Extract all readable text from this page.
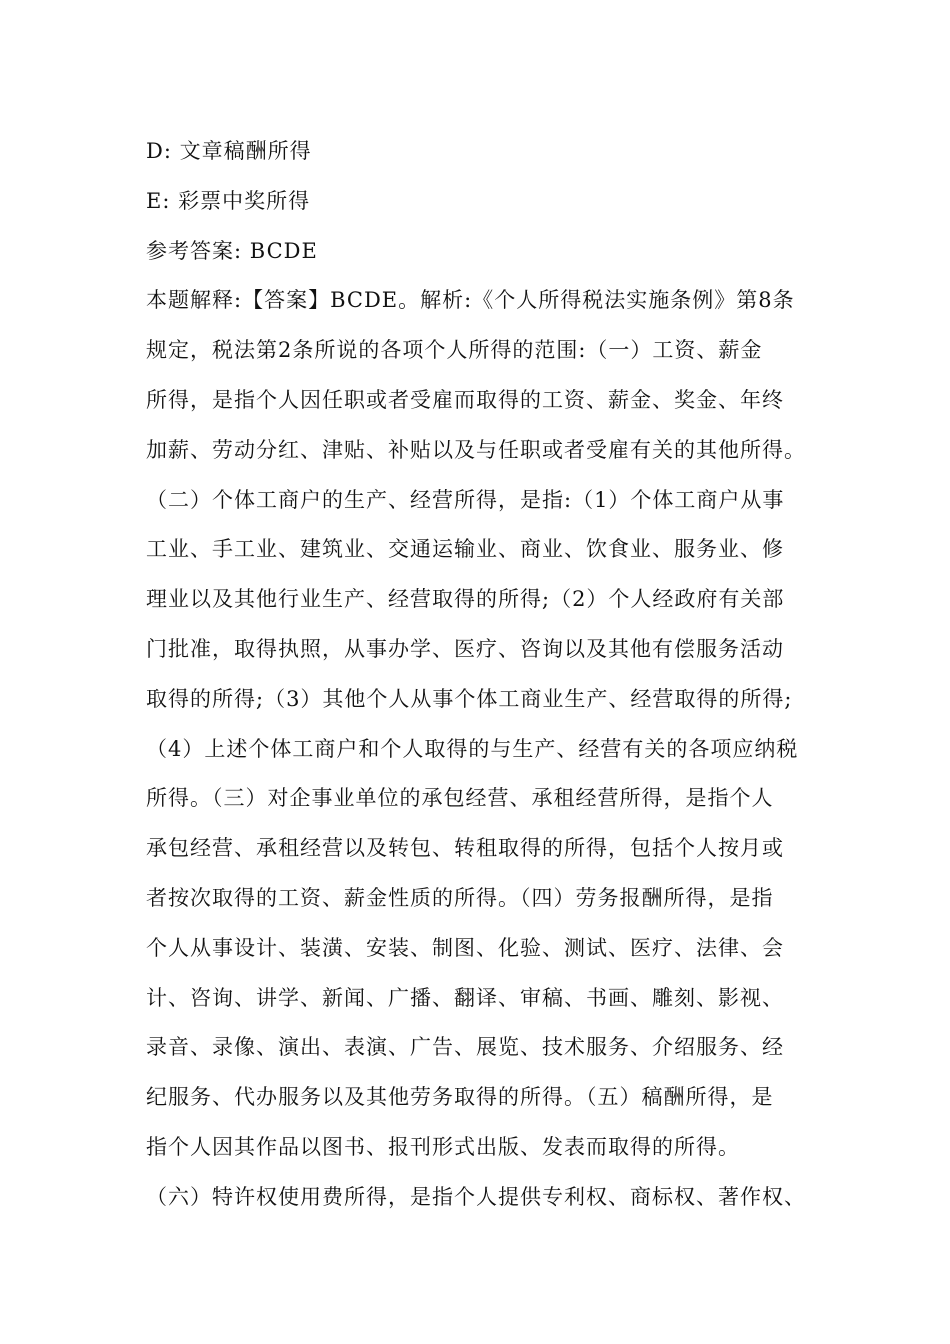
D: 文章稿酬所得
E: 彩票中奖所得
参考答案: BCDE
本题解释:【答案】BCDE。解析:《个人所得税法实施条例》第8条
规定，税法第2条所说的各项个人所得的范围:（一）工资、薪金
所得，是指个人因任职或者受雇而取得的工资、薪金、奖金、年终
加薪、劳动分红、津贴、补贴以及与任职或者受雇有关的其他所得。
（二）个体工商户的生产、经营所得，是指:（1）个体工商户从事
工业、手工业、建筑业、交通运输业、商业、饮食业、服务业、修
理业以及其他行业生产、经营取得的所得;（2）个人经政府有关部
门批准，取得执照，从事办学、医疗、咨询以及其他有偿服务活动
取得的所得;（3）其他个人从事个体工商业生产、经营取得的所得;
（4）上述个体工商户和个人取得的与生产、经营有关的各项应纳税
所得。（三）对企事业单位的承包经营、承租经营所得，是指个人
承包经营、承租经营以及转包、转租取得的所得，包括个人按月或
者按次取得的工资、薪金性质的所得。（四）劳务报酬所得，是指
个人从事设计、装潢、安装、制图、化验、测试、医疗、法律、会
计、咨询、讲学、新闻、广播、翻译、审稿、书画、雕刻、影视、
录音、录像、演出、表演、广告、展览、技术服务、介绍服务、经
纪服务、代办服务以及其他劳务取得的所得。（五）稿酬所得，是
指个人因其作品以图书、报刊形式出版、发表而取得的所得。
（六）特许权使用费所得，是指个人提供专利权、商标权、著作权、
